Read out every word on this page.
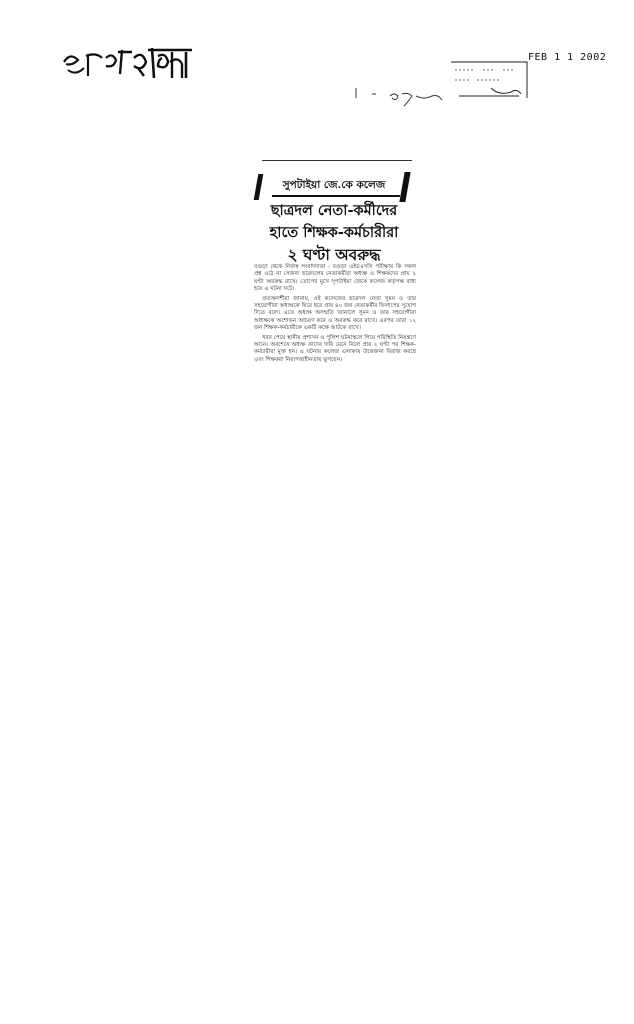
FEB 1 1 2002
সুপটাইয়া জে.কে কলেজ
ছাত্রদল নেতা-কর্মীদের
হাতে শিক্ষক-কর্মচারীরা
২ ঘণ্টা অবরুদ্ধ

বগুড়া থেকে নিজস্ব সংবাদদাতা : বগুড়া এইচএসসি পরীক্ষায় কি সকল প্রশ্ন ওঠে না সেজন্য ছাত্রদলের নেতাকর্মীরা অধ্যক্ষ ও শিক্ষকদের প্রায় ২ ঘণ্টা অবরুদ্ধ রাখে। তোপের মুখে সুপটাইয়া জেকে কলেজ কর্তৃপক্ষ বাধ্য হয়ে এ ঘটনা ঘটে।

প্রত্যক্ষদর্শীরা জানায়, ওই কলেজের ছাত্রদল নেতা সুমন ও তার সহযোগীরা অধ্যক্ষকে ঘিরে ধরে প্রায় ৪০ জন নেতাকর্মীর ফিলাপের সুযোগ দিতে বলে। এতে অধ্যক্ষ অসম্মতি জানালে সুমন ও তার সহযোগীরা অধ্যক্ষকে অশোভন আচরণ করে ও অবরুদ্ধ করে রাখে। এরপর তারা ১২ জন শিক্ষক-কর্মচারীকে একটি কক্ষে আটকে রাখে।

খবর পেয়ে স্থানীয় প্রশাসন ও পুলিশ ঘটনাস্থলে গিয়ে পরিস্থিতি নিয়ন্ত্রণে আনে। অবশেষে অধ্যক্ষ তাদের দাবি মেনে নিলে প্রায় ২ ঘণ্টা পর শিক্ষক-কর্মচারীরা মুক্ত হন। এ ঘটনায় কলেজ এলাকায় উত্তেজনা বিরাজ করছে এবং শিক্ষকরা নিরাপত্তাহীনতায় ভুগছেন।
